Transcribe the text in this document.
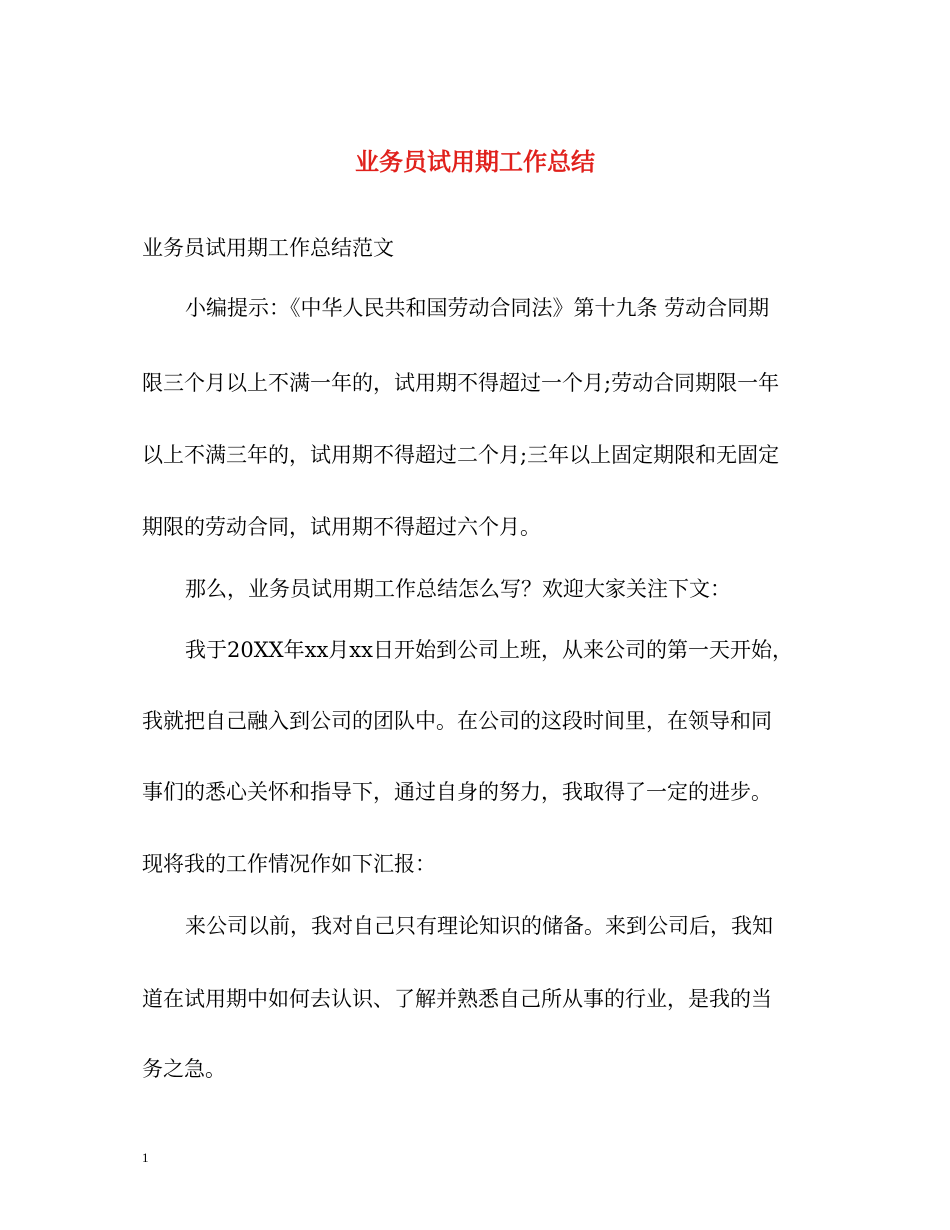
业务员试用期工作总结
业务员试用期工作总结范文
小编提示：《中华人民共和国劳动合同法》第十九条 劳动合同期
限三个月以上不满一年的，试用期不得超过一个月;劳动合同期限一年
以上不满三年的，试用期不得超过二个月;三年以上固定期限和无固定
期限的劳动合同，试用期不得超过六个月。
那么，业务员试用期工作总结怎么写？欢迎大家关注下文：
我于20XX年xx月xx日开始到公司上班，从来公司的第一天开始，
我就把自己融入到公司的团队中。在公司的这段时间里，在领导和同
事们的悉心关怀和指导下，通过自身的努力，我取得了一定的进步。
现将我的工作情况作如下汇报：
来公司以前，我对自己只有理论知识的储备。来到公司后，我知
道在试用期中如何去认识、了解并熟悉自己所从事的行业，是我的当
务之急。
1
